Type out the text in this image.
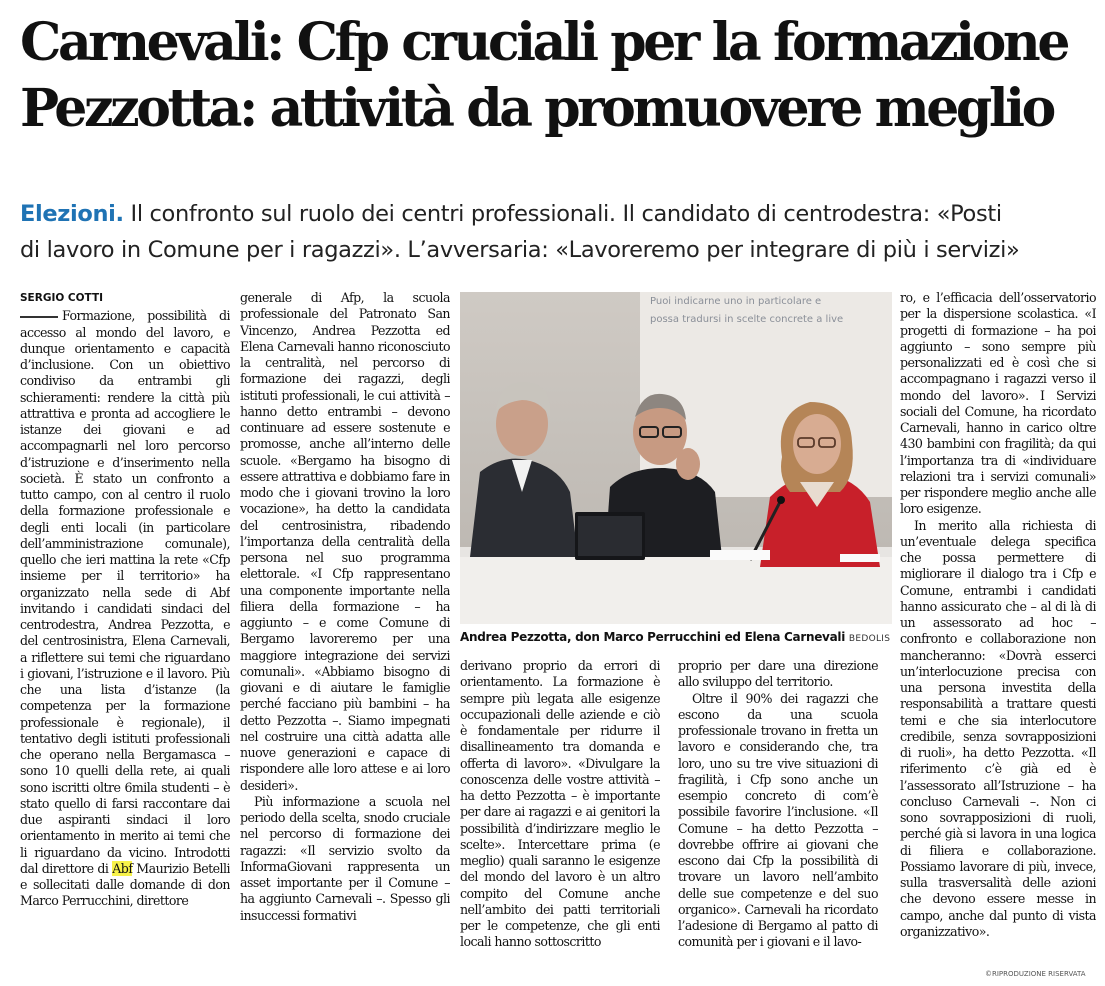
Carnevali: Cfp cruciali per la formazione
Pezzotta: attività da promuovere meglio
Elezioni. Il confronto sul ruolo dei centri professionali. Il candidato di centrodestra: «Posti
di lavoro in Comune per i ragazzi». L’avversaria: «Lavoreremo per integrare di più i servizi»

SERGIO COTTI

Formazione, possibilità di accesso al mondo del lavoro, e dunque orientamento e capacità d’inclusione. Con un obiettivo condiviso da entrambi gli schieramenti: rendere la città più attrattiva e pronta ad accogliere le istanze dei giovani e ad accompagnarli nel loro percorso d’istruzione e d’inserimento nella società. È stato un confronto a tutto campo, con al centro il ruolo della formazione professionale e degli enti locali (in particolare dell’amministrazione comunale), quello che ieri mattina la rete «Cfp insieme per il territorio» ha organizzato nella sede di Abf invitando i candidati sindaci del centrodestra, Andrea Pezzotta, e del centrosinistra, Elena Carnevali, a riflettere sui temi che riguardano i giovani, l’istruzione e il lavoro. Più che una lista d’istanze (la competenza per la formazione professionale è regionale), il tentativo degli istituti professionali che operano nella Bergamasca – sono 10 quelli della rete, ai quali sono iscritti oltre 6mila studenti – è stato quello di farsi raccontare dai due aspiranti sindaci il loro orientamento in merito ai temi che li riguardano da vicino. Introdotti dal direttore di Abf Maurizio Betelli e sollecitati dalle domande di don Marco Perrucchini, direttore

generale di Afp, la scuola professionale del Patronato San Vincenzo, Andrea Pezzotta ed Elena Carnevali hanno riconosciuto la centralità, nel percorso di formazione dei ragazzi, degli istituti professionali, le cui attività – hanno detto entrambi – devono continuare ad essere sostenute e promosse, anche all’interno delle scuole. «Bergamo ha bisogno di essere attrattiva e dobbiamo fare in modo che i giovani trovino la loro vocazione», ha detto la candidata del centrosinistra, ribadendo l’importanza della centralità della persona nel suo programma elettorale. «I Cfp rappresentano una componente importante nella filiera della formazione – ha aggiunto – e come Comune di Bergamo lavoreremo per una maggiore integrazione dei servizi comunali». «Abbiamo bisogno di giovani e di aiutare le famiglie perché facciano più bambini – ha detto Pezzotta –. Siamo impegnati nel costruire una città adatta alle nuove generazioni e capace di rispondere alle loro attese e ai loro desideri».

Più informazione a scuola nel periodo della scelta, snodo cruciale nel percorso di formazione dei ragazzi: «Il servizio svolto da InformaGiovani rappresenta un asset importante per il Comune – ha aggiunto Carnevali –. Spesso gli insuccessi formativi

Puoi indicarne uno in particolare e
possa tradursi in scelte concrete a live
Andrea Pezzotta, don Marco Perrucchini ed Elena Carnevali BEDOLIS

derivano proprio da errori di orientamento. La formazione è sempre più legata alle esigenze occupazionali delle aziende e ciò è fondamentale per ridurre il disallineamento tra domanda e offerta di lavoro». «Divulgare la conoscenza delle vostre attività – ha detto Pezzotta – è importante per dare ai ragazzi e ai genitori la possibilità d’indirizzare meglio le scelte». Intercettare prima (e meglio) quali saranno le esigenze del mondo del lavoro è un altro compito del Comune anche nell’ambito dei patti territoriali per le competenze, che gli enti locali hanno sottoscritto

proprio per dare una direzione allo sviluppo del territorio.

Oltre il 90% dei ragazzi che escono da una scuola professionale trovano in fretta un lavoro e considerando che, tra loro, uno su tre vive situazioni di fragilità, i Cfp sono anche un esempio concreto di com’è possibile favorire l’inclusione. «Il Comune – ha detto Pezzotta – dovrebbe offrire ai giovani che escono dai Cfp la possibilità di trovare un lavoro nell’ambito delle sue competenze e del suo organico». Carnevali ha ricordato l’adesione di Bergamo al patto di comunità per i giovani e il lavo-

ro, e l’efficacia dell’osservatorio per la dispersione scolastica. «I progetti di formazione – ha poi aggiunto – sono sempre più personalizzati ed è così che si accompagnano i ragazzi verso il mondo del lavoro». I Servizi sociali del Comune, ha ricordato Carnevali, hanno in carico oltre 430 bambini con fragilità; da qui l’importanza tra di «individuare relazioni tra i servizi comunali» per rispondere meglio anche alle loro esigenze.

In merito alla richiesta di un’eventuale delega specifica che possa permettere di migliorare il dialogo tra i Cfp e Comune, entrambi i candidati hanno assicurato che – al di là di un assessorato ad hoc – confronto e collaborazione non mancheranno: «Dovrà esserci un’interlocuzione precisa con una persona investita della responsabilità a trattare questi temi e che sia interlocutore credibile, senza sovrapposizioni di ruoli», ha detto Pezzotta. «Il riferimento c’è già ed è l’assessorato all’Istruzione – ha concluso Carnevali –. Non ci sono sovrapposizioni di ruoli, perché già si lavora in una logica di filiera e collaborazione. Possiamo lavorare di più, invece, sulla trasversalità delle azioni che devono essere messe in campo, anche dal punto di vista organizzativo».

©RIPRODUZIONE RISERVATA
